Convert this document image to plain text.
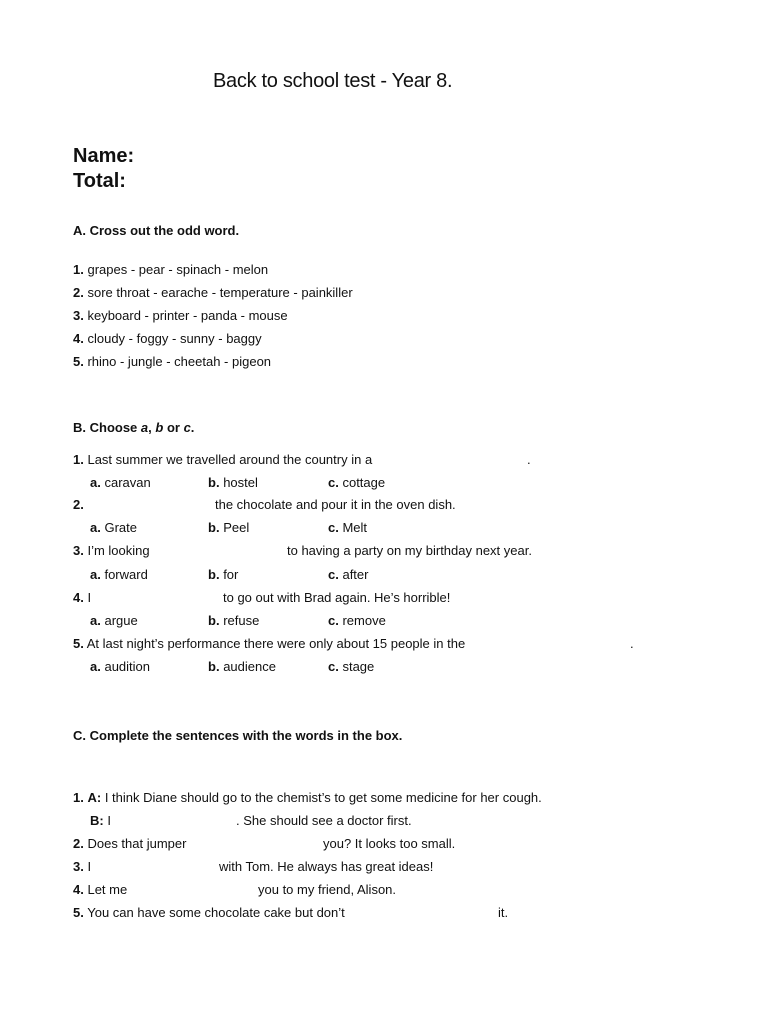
Back to school test - Year 8.
Name:
Total:
A. Cross out the odd word.
1. grapes - pear - spinach - melon
2. sore throat - earache - temperature - painkiller
3. keyboard - printer - panda - mouse
4. cloudy - foggy - sunny - baggy
5. rhino - jungle - cheetah - pigeon
B. Choose a, b or c.
1. Last summer we travelled around the country in a	.
a. caravan	b. hostel	c. cottage
2.	the chocolate and pour it in the oven dish.
a. Grate	b. Peel	c. Melt
3. I’m looking	to having a party on my birthday next year.
a. forward	b. for	c. after
4. I	to go out with Brad again. He’s horrible!
a. argue	b. refuse	c. remove
5. At last night’s performance there were only about 15 people in the	.
a. audition	b. audience	c. stage
C. Complete the sentences with the words in the box.
1. A: I think Diane should go to the chemist’s to get some medicine for her cough.
B: I	. She should see a doctor first.
2. Does that jumper	you? It looks too small.
3. I	with Tom. He always has great ideas!
4. Let me	you to my friend, Alison.
5. You can have some chocolate cake but don’t	it.
